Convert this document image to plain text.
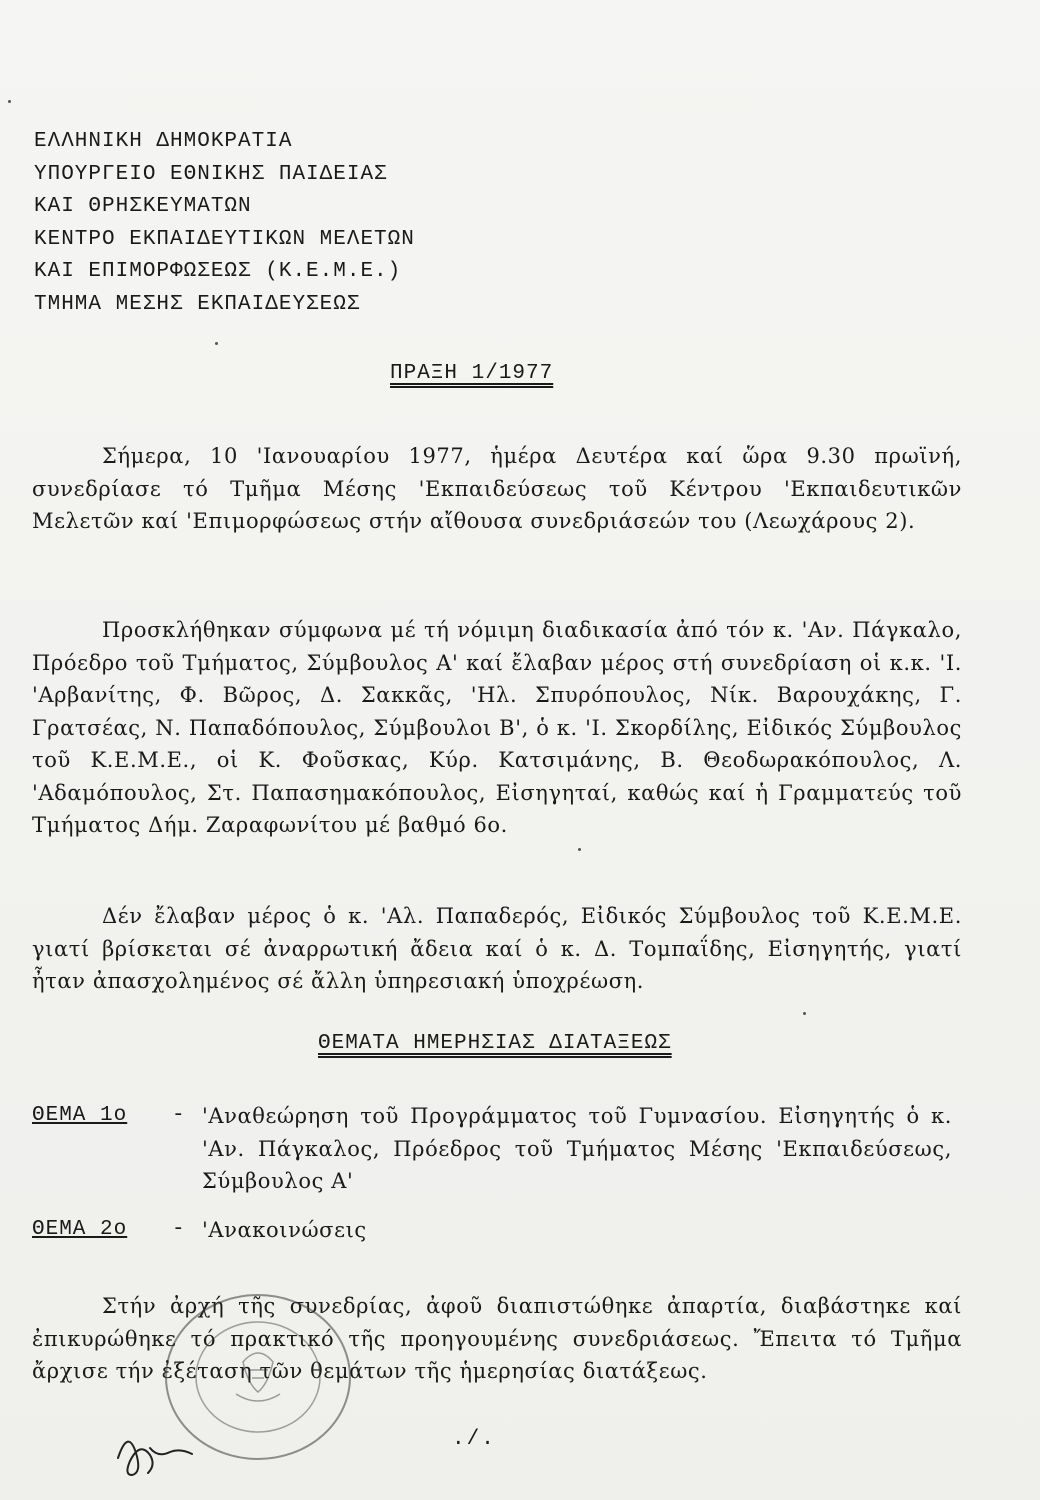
ΕΛΛΗΝΙΚΗ ΔΗΜΟΚΡΑΤΙΑ
ΥΠΟΥΡΓΕΙΟ ΕΘΝΙΚΗΣ ΠΑΙΔΕΙΑΣ
ΚΑΙ ΘΡΗΣΚΕΥΜΑΤΩΝ
ΚΕΝΤΡΟ ΕΚΠΑΙΔΕΥΤΙΚΩΝ ΜΕΛΕΤΩΝ
ΚΑΙ ΕΠΙΜΟΡΦΩΣΕΩΣ (Κ.Ε.Μ.Ε.)
ΤΜΗΜΑ ΜΕΣΗΣ ΕΚΠΑΙΔΕΥΣΕΩΣ
ΠΡΑΞΗ 1/1977

Σήμερα, 10 'Ιανουαρίου 1977, ἡμέρα Δευτέρα καί ὥρα 9.30 πρωϊνή, συνεδρίασε τό Τμῆμα Μέσης 'Εκπαιδεύσεως τοῦ Κέντρου 'Εκπαιδευτικῶν Μελετῶν καί 'Επιμορφώσεως στήν αἴθουσα συνεδριάσεών του (Λεωχάρους 2).

Προσκλήθηκαν σύμφωνα μέ τή νόμιμη διαδικασία ἀπό τόν κ. 'Αν. Πάγκαλο, Πρόεδρο τοῦ Τμήματος, Σύμβουλος Α' καί ἔλαβαν μέρος στή συνεδρίαση οἱ κ.κ. 'Ι. 'Αρβανίτης, Φ. Βῶρος, Δ. Σακκᾶς, 'Ηλ. Σπυρόπουλος, Νίκ. Βαρουχάκης, Γ. Γρατσέας, Ν. Παπαδόπουλος, Σύμβουλοι Β', ὁ κ. 'Ι. Σκορδίλης, Εἰδικός Σύμβουλος τοῦ Κ.Ε.Μ.Ε., οἱ Κ. Φοῦσκας, Κύρ. Κατσιμάνης, Β. Θεοδωρακόπουλος, Λ. 'Αδαμόπουλος, Στ. Παπασημακόπουλος, Εἰσηγηταί, καθώς καί ἡ Γραμματεύς τοῦ Τμήματος Δήμ. Ζαραφωνίτου μέ βαθμό 6ο.

Δέν ἔλαβαν μέρος ὁ κ. 'Αλ. Παπαδερός, Εἰδικός Σύμβουλος τοῦ Κ.Ε.Μ.Ε. γιατί βρίσκεται σέ ἀναρρωτική ἄδεια καί ὁ κ. Δ. Τομπαΐδης, Εἰσηγητής, γιατί ἦταν ἀπασχολημένος σέ ἄλλη ὑπηρεσιακή ὑποχρέωση.

ΘΕΜΑΤΑ ΗΜΕΡΗΣΙΑΣ ΔΙΑΤΑΞΕΩΣ
ΘΕΜΑ 1ο - 'Αναθεώρηση τοῦ Προγράμματος τοῦ Γυμνασίου. Εἰσηγητής ὁ κ. 'Αν. Πάγκαλος, Πρόεδρος τοῦ Τμήματος Μέσης 'Εκπαιδεύσεως, Σύμβουλος Α'
ΘΕΜΑ 2ο - 'Ανακοινώσεις

Στήν ἀρχή τῆς συνεδρίας, ἀφοῦ διαπιστώθηκε ἀπαρτία, διαβάστηκε καί ἐπικυρώθηκε τό πρακτικό τῆς προηγουμένης συνεδριάσεως. Ἔπειτα τό Τμῆμα ἄρχισε τήν ἐξέταση τῶν θεμάτων τῆς ἡμερησίας διατάξεως.

./.
